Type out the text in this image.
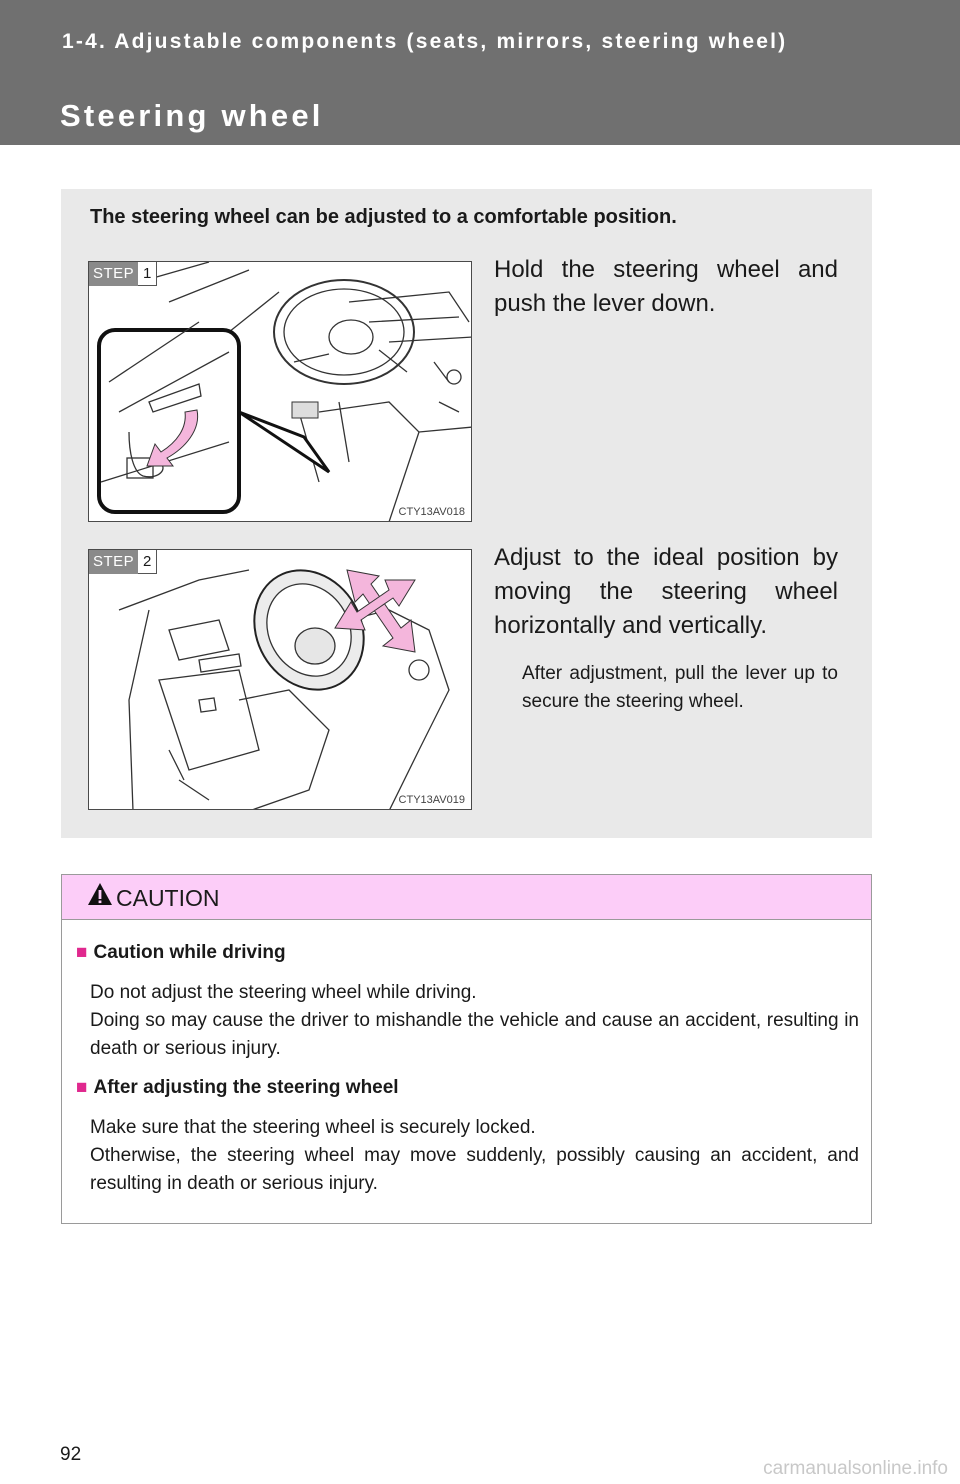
1-4. Adjustable components (seats, mirrors, steering wheel)
Steering wheel
The steering wheel can be adjusted to a comfortable position.
STEP 1
CTY13AV018
Hold the steering wheel and push the lever down.
STEP 2
CTY13AV019
Adjust to the ideal position by moving the steering wheel horizontally and vertically.
After adjustment, pull the lever up to secure the steering wheel.
CAUTION
■ Caution while driving
Do not adjust the steering wheel while driving.
Doing so may cause the driver to mishandle the vehicle and cause an accident, resulting in death or serious injury.
■ After adjusting the steering wheel
Make sure that the steering wheel is securely locked.
Otherwise, the steering wheel may move suddenly, possibly causing an accident, and resulting in death or serious injury.
92
carmanualsonline.info
